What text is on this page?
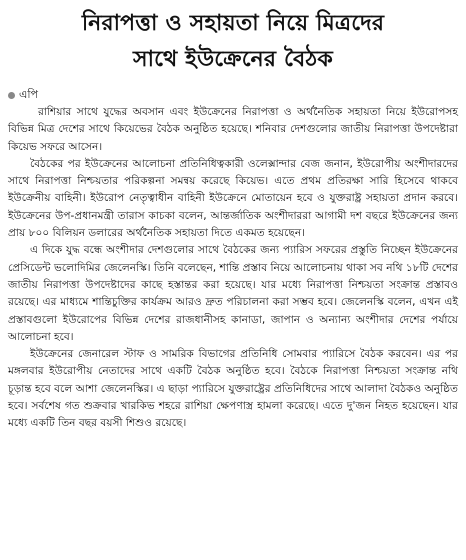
নিরাপত্তা ও সহায়তা নিয়ে মিত্রদের
সাথে ইউক্রেনের বৈঠক
এপি

রাশিয়ার সাথে যুদ্ধের অবসান এবং ইউক্রেনের নিরাপত্তা ও অর্থনৈতিক সহায়তা নিয়ে ইউরোপসহ বিভিন্ন মিত্র দেশের সাথে কিয়েভের বৈঠক অনুষ্ঠিত হয়েছে। শনিবার দেশগুলোর জাতীয় নিরাপত্তা উপদেষ্টারা কিয়েভ সফরে আসেন।

বৈঠকের পর ইউক্রেনের আলোচনা প্রতিনিধিত্বকারী ওলেক্সান্দার বেজ জনান, ইউরোপীয় অংশীদারদের সাথে নিরাপত্তা নিশ্চয়তার পরিকল্পনা সমন্বয় করেছে কিয়েভ। এতে প্রথম প্রতিরক্ষা সারি হিসেবে থাকবে ইউক্রেনীয় বাহিনী। ইউরোপ নেতৃত্বাধীন বাহিনী ইউক্রেনে মোতায়েন হবে ও যুক্তরাষ্ট্র সহায়তা প্রদান করবে। ইউক্রেনের উপ-প্রধানমন্ত্রী তারাস কাচকা বলেন, আন্তর্জাতিক অংশীদাররা আগামী দশ বছরে ইউক্রেনের জন্য প্রায় ৮০০ বিলিয়ন ডলারের অর্থনৈতিক সহায়তা দিতে একমত হয়েছেন।

এ দিকে যুদ্ধ বন্ধে অংশীদার দেশগুলোর সাথে বৈঠকের জন্য প্যারিস সফরের প্রস্তুতি নিচ্ছেন ইউক্রেনের প্রেসিডেন্ট ভলোদিমির জেলেনস্কি। তিনি বলেছেন, শান্তি প্রস্তাব নিয়ে আলোচনায় থাকা সব নথি ১৮টি দেশের জাতীয় নিরাপত্তা উপদেষ্টাদের কাছে হস্তান্তর করা হয়েছে। যার মধ্যে নিরাপত্তা নিশ্চয়তা সংক্রান্ত প্রস্তাবও রয়েছে। এর মাধ্যমে শান্তিচুক্তির কার্যক্রম আরও দ্রুত পরিচালনা করা সম্ভব হবে। জেলেনস্কি বলেন, এখন এই প্রস্তাবগুলো ইউরোপের বিভিন্ন দেশের রাজধানীসহ কানাডা, জাপান ও অন্যান্য অংশীদার দেশের পর্যায়ে আলোচনা হবে।

ইউক্রেনের জেনারেল স্টাফ ও সামরিক বিভাগের প্রতিনিধি সোমবার প্যারিসে বৈঠক করবেন। এর পর মঙ্গলবার ইউরোপীয় নেতাদের সাথে একটি বৈঠক অনুষ্ঠিত হবে। বৈঠকে নিরাপত্তা নিশ্চয়তা সংক্রান্ত নথি চূড়ান্ত হবে বলে আশা জেলেনস্কির। এ ছাড়া প্যারিসে যুক্তরাষ্ট্রের প্রতিনিধিদের সাথে আলাদা বৈঠকও অনুষ্ঠিত হবে। সর্বশেষ গত শুক্রবার খারকিভ শহরে রাশিয়া ক্ষেপণাস্ত্র হামলা করেছে। এতে দু'জন নিহত হয়েছেন। যার মধ্যে একটি তিন বছর বয়সী শিশুও রয়েছে।
